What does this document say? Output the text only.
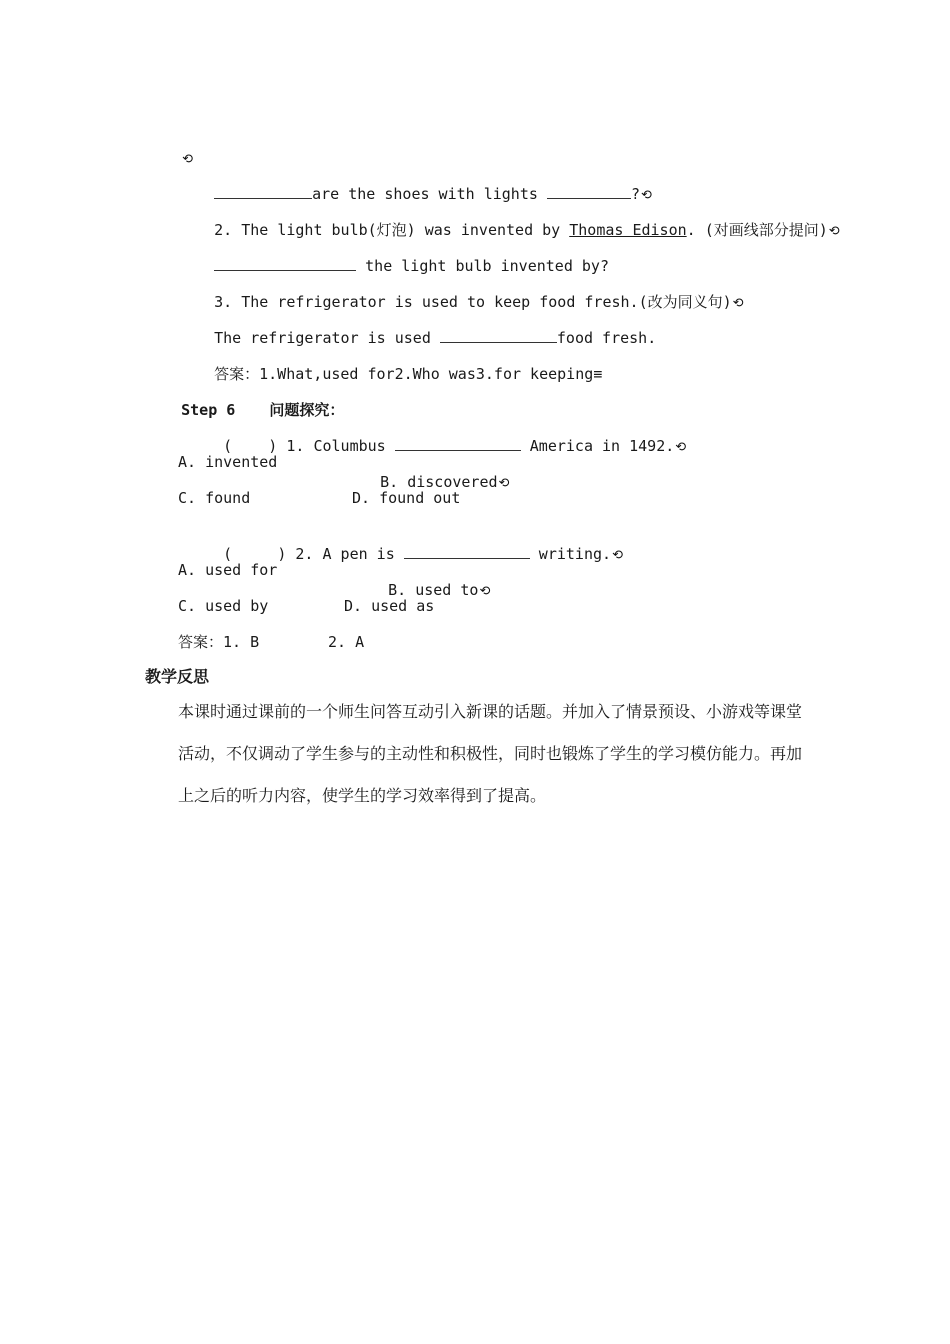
⟲

are the shoes with lights	?⟲

2. The light bulb(灯泡) was invented by Thomas Edison. (对画线部分提问)⟲

the light bulb invented by?

3. The refrigerator is used to keep food fresh.(改为同义句)⟲

The refrigerator is used	food fresh.

答案：1.What,used for2.Who was3.for keeping≡

Step 6 问题探究：

(    ) 1. Columbus	America in 1492.⟲

A. invented

B. discovered⟲

C. found	D. found out

(     ) 2. A pen is	writing.⟲

A. used for

B. used to⟲

C. used by	D. used as
答案：1. B	2. A
教学反思
本课时通过课前的一个师生问答互动引入新课的话题。并加入了情景预设、小游戏等课堂活动，不仅调动了学生参与的主动性和积极性，同时也锻炼了学生的学习模仿能力。再加上之后的听力内容，使学生的学习效率得到了提高。
